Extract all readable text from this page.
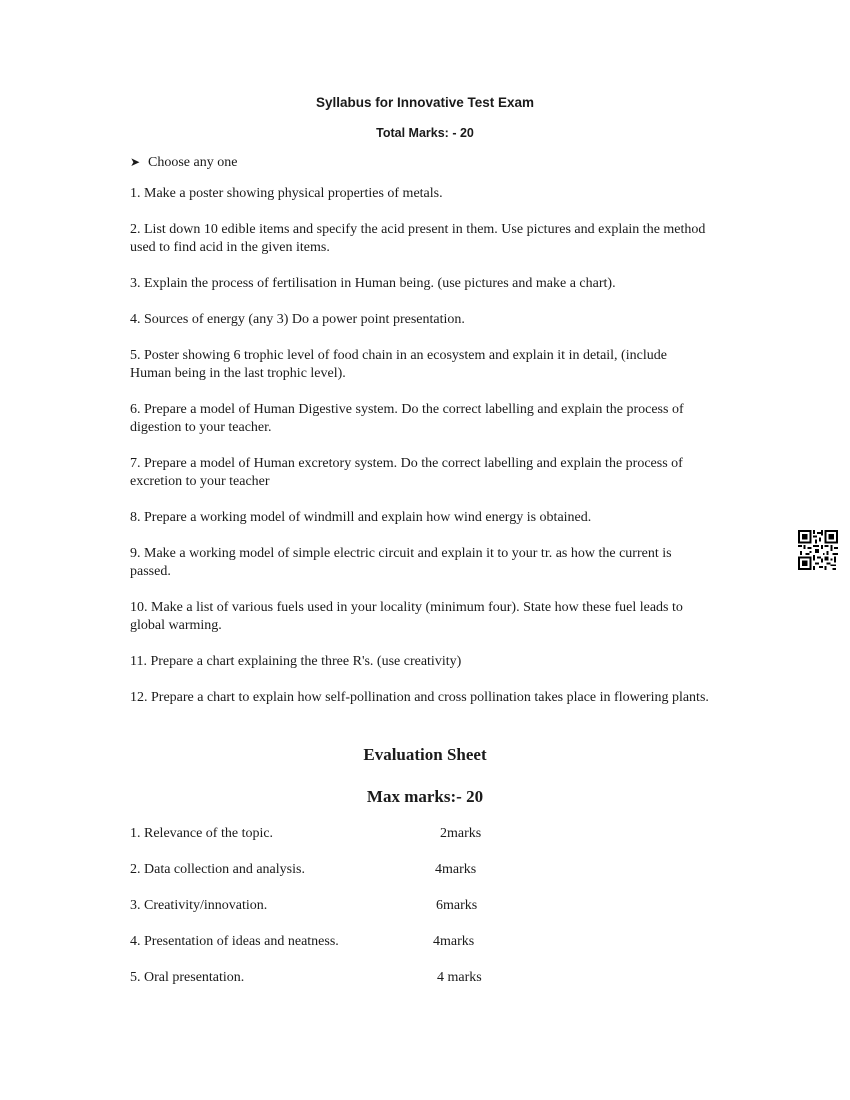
Syllabus for Innovative Test Exam
Total Marks: - 20
➤ Choose any one
1. Make a poster showing physical properties of metals.
2. List down 10 edible items and specify the acid present in them. Use pictures and explain the method used to find acid in the given items.
3. Explain the process of fertilisation in Human being. (use pictures and make a chart).
4. Sources of energy (any 3) Do a power point presentation.
5. Poster showing 6 trophic level of food chain in an ecosystem and explain it in detail, (include Human being in the last trophic level).
6. Prepare a model of Human Digestive system. Do the correct labelling and explain the process of digestion to your teacher.
7. Prepare a model of Human excretory system. Do the correct labelling and explain the process of excretion to your teacher
8. Prepare a working model of windmill and explain how wind energy is obtained.
9. Make a working model of simple electric circuit and explain it to your tr. as how the current is passed.
10. Make a list of various fuels used in your locality (minimum four). State how these fuel leads to global warming.
11. Prepare a chart explaining the three R's. (use creativity)
12. Prepare a chart to explain how self-pollination and cross pollination takes place in flowering plants.
Evaluation Sheet
Max marks:- 20
1. Relevance of the topic.	2marks
2. Data collection and analysis.	4marks
3. Creativity/innovation.	6marks
4. Presentation of ideas and neatness.	4marks
5. Oral presentation.	4 marks
